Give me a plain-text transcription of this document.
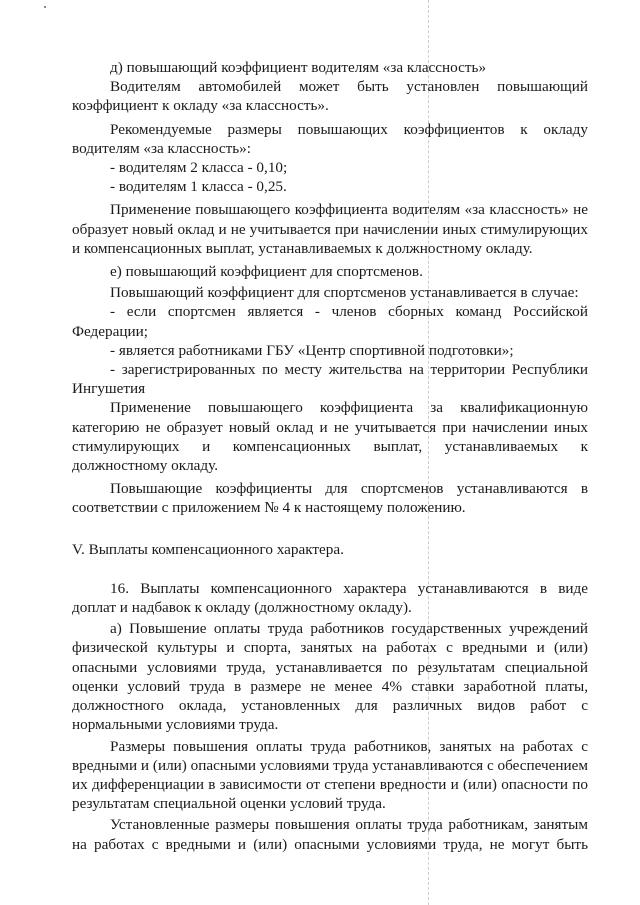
д) повышающий коэффициент водителям «за классность»

Водителям автомобилей может быть установлен повышающий

коэффициент к окладу «за классность».

Рекомендуемые размеры повышающих коэффициентов к окладу

водителям «за классность»:

- водителям 2 класса - 0,10;

- водителям 1 класса - 0,25.

Применение повышающего коэффициента водителям «за классность» не

образует новый оклад и не учитывается при начислении иных стимулирующих

и компенсационных выплат, устанавливаемых к должностному окладу.

е) повышающий коэффициент для спортсменов.

Повышающий коэффициент для спортсменов устанавливается в случае:

- если спортсмен является - членов сборных команд Российской

Федерации;

- является работниками ГБУ «Центр спортивной подготовки»;

- зарегистрированных по месту жительства на территории Республики

Ингушетия

Применение повышающего коэффициента за квалификационную

категорию не образует новый оклад и не учитывается при начислении иных

стимулирующих и компенсационных выплат, устанавливаемых к

должностному окладу.

Повышающие коэффициенты для спортсменов устанавливаются в

соответствии с приложением № 4 к настоящему положению.

V. Выплаты компенсационного характера.

16. Выплаты компенсационного характера устанавливаются в виде

доплат и надбавок к окладу (должностному окладу).

а) Повышение оплаты труда работников государственных учреждений

физической культуры и спорта, занятых на работах с вредными и (или)

опасными условиями труда, устанавливается по результатам специальной

оценки условий труда в размере не менее 4% ставки заработной платы,

должностного оклада, установленных для различных видов работ с

нормальными условиями труда.

Размеры повышения оплаты труда работников, занятых на работах с

вредными и (или) опасными условиями труда устанавливаются с обеспечением

их дифференциации в зависимости от степени вредности и (или) опасности по

результатам специальной оценки условий труда.

Установленные размеры повышения оплаты труда работникам, занятым

на работах с вредными и (или) опасными условиями труда, не могут быть
